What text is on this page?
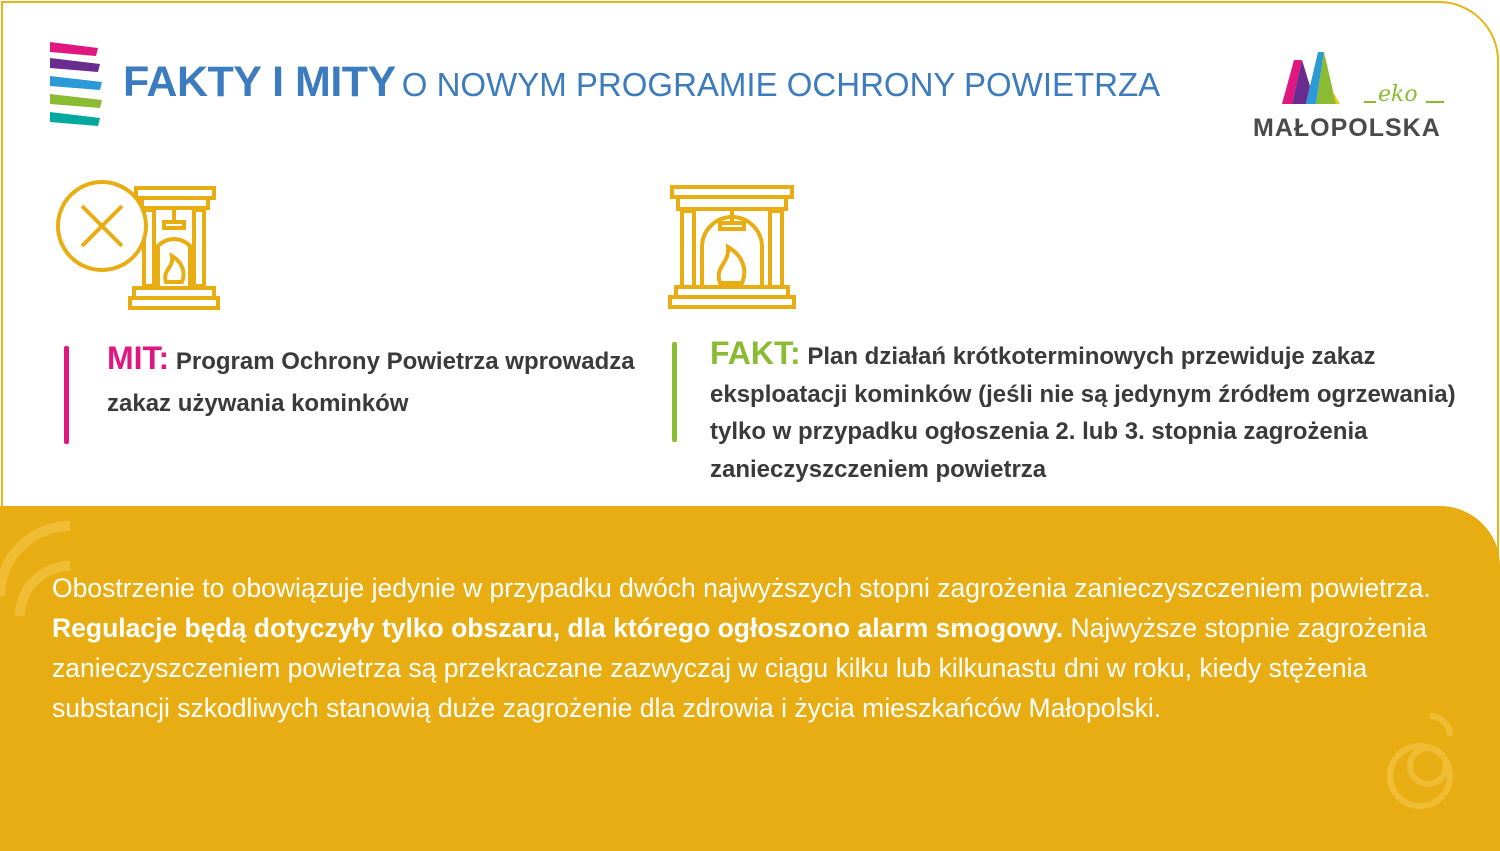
FAKTY I MITY O NOWYM PROGRAMIE OCHRONY POWIETRZA	eko
MAŁOPOLSKA
MIT: Program Ochrony Powietrza wprowadza zakaz używania kominków
FAKT: Plan działań krótkoterminowych przewiduje zakaz eksploatacji kominków (jeśli nie są jedynym źródłem ogrzewania) tylko w przypadku ogłoszenia 2. lub 3. stopnia zagrożenia zanieczyszczeniem powietrza
Obostrzenie to obowiązuje jedynie w przypadku dwóch najwyższych stopni zagrożenia zanieczyszczeniem powietrza. Regulacje będą dotyczyły tylko obszaru, dla którego ogłoszono alarm smogowy. Najwyższe stopnie zagrożenia zanieczyszczeniem powietrza są przekraczane zazwyczaj w ciągu kilku lub kilkunastu dni w roku, kiedy stężenia substancji szkodliwych stanowią duże zagrożenie dla zdrowia i życia mieszkańców Małopolski.
